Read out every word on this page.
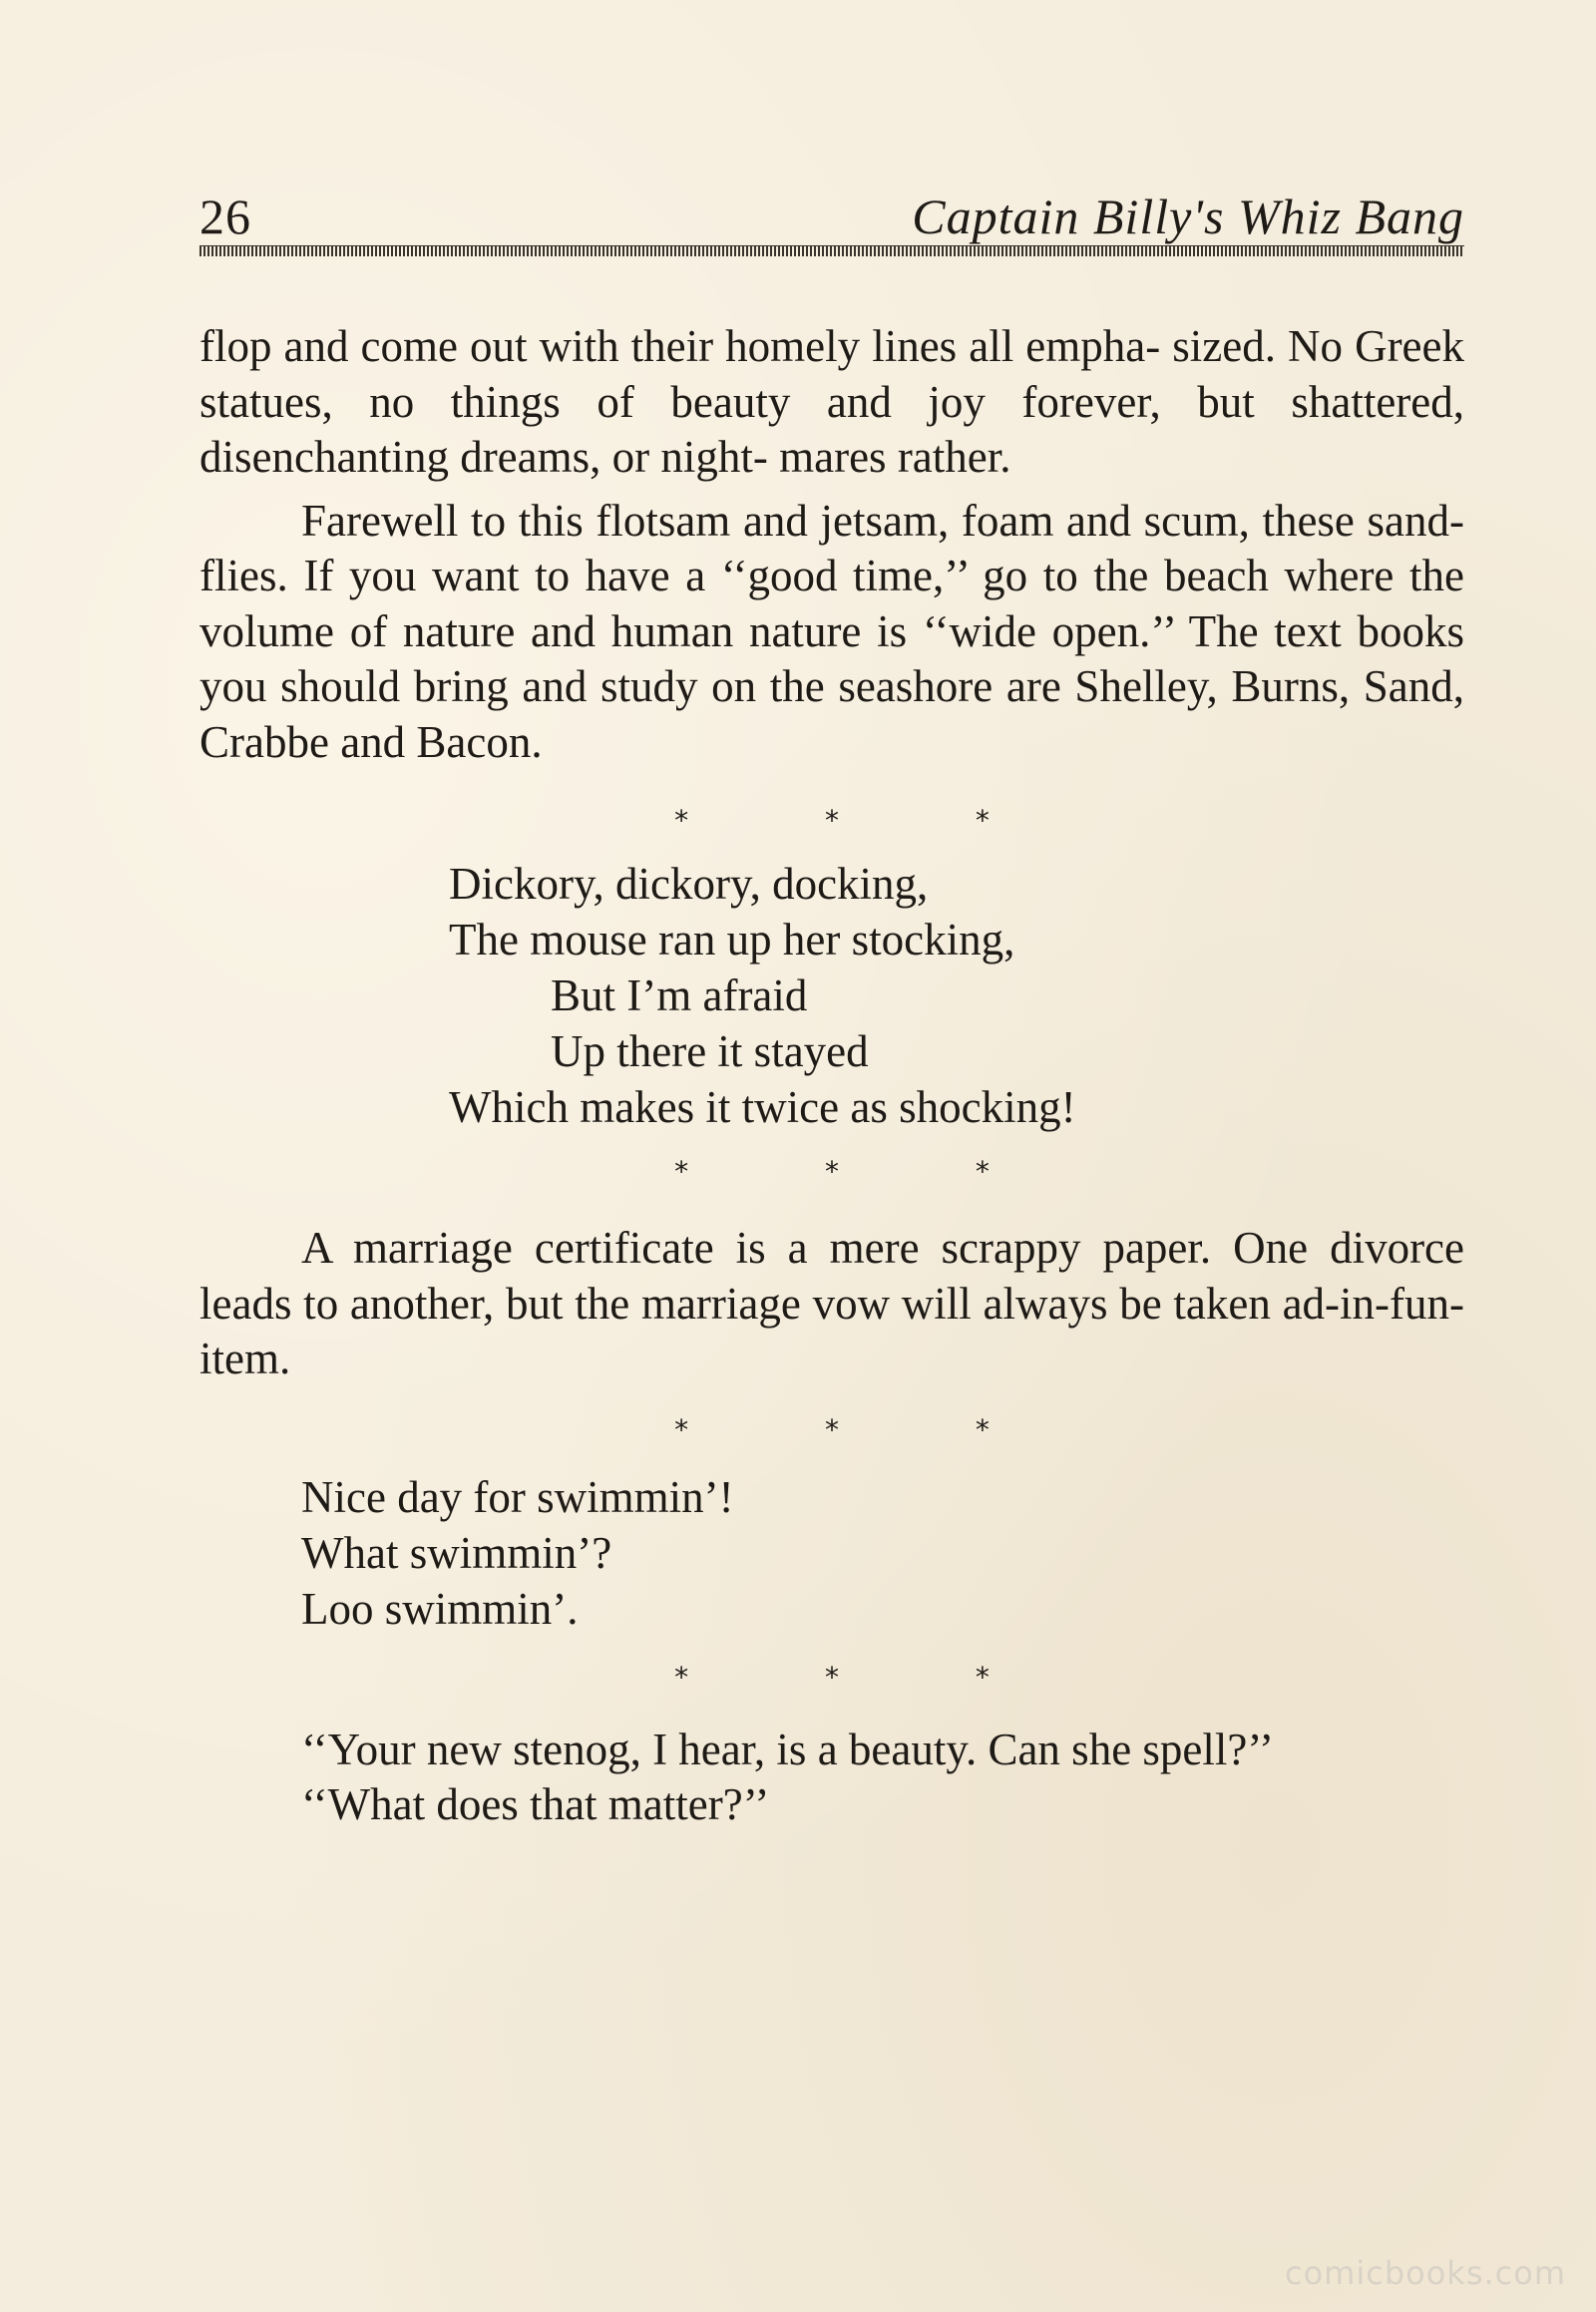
26	Captain Billy's Whiz Bang

flop and come out with their homely lines all empha- sized. No Greek statues, no things of beauty and joy forever, but shattered, disenchanting dreams, or night- mares rather.

Farewell to this flotsam and jetsam, foam and scum, these sand-flies. If you want to have a ‘‘good time,’’ go to the beach where the volume of nature and human nature is ‘‘wide open.’’ The text books you should bring and study on the seashore are Shelley, Burns, Sand, Crabbe and Bacon.

* * *

Dickory, dickory, docking,

The mouse ran up her stocking,

But I’m afraid

Up there it stayed

Which makes it twice as shocking!

* * *

A marriage certificate is a mere scrappy paper. One divorce leads to another, but the marriage vow will always be taken ad-in-fun-item.

* * *

Nice day for swimmin’!

What swimmin’?

Loo swimmin’.

* * *

‘‘Your new stenog, I hear, is a beauty. Can she spell?’’

‘‘What does that matter?’’

comicbooks.com
